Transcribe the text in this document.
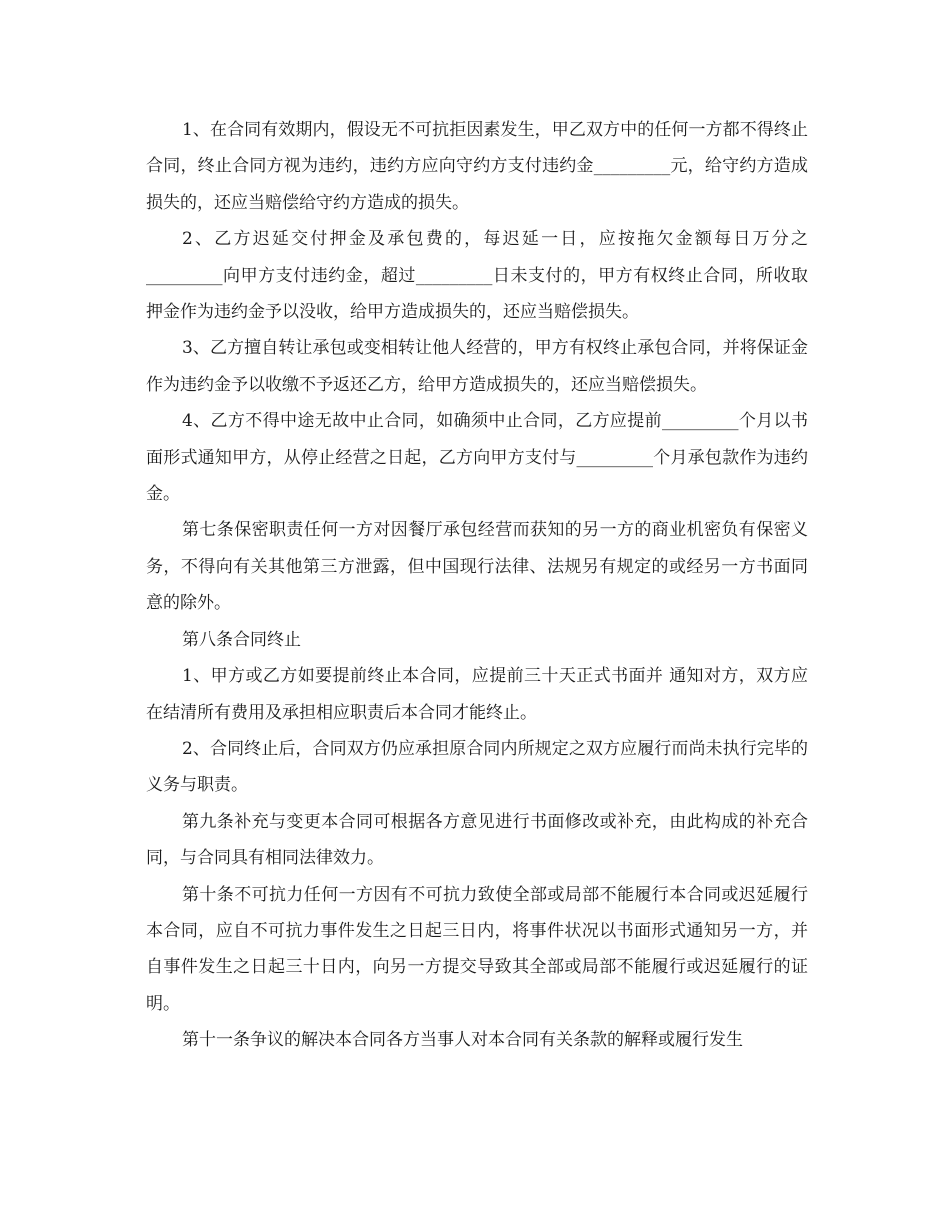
1、在合同有效期内，假设无不可抗拒因素发生，甲乙双方中的任何一方都不得终止合同，终止合同方视为违约，违约方应向守约方支付违约金_________元，给守约方造成损失的，还应当赔偿给守约方造成的损失。

2、乙方迟延交付押金及承包费的，每迟延一日，应按拖欠金额每日万分之_________向甲方支付违约金，超过_________日未支付的，甲方有权终止合同，所收取押金作为违约金予以没收，给甲方造成损失的，还应当赔偿损失。

3、乙方擅自转让承包或变相转让他人经营的，甲方有权终止承包合同，并将保证金作为违约金予以收缴不予返还乙方，给甲方造成损失的，还应当赔偿损失。

4、乙方不得中途无故中止合同，如确须中止合同，乙方应提前_________个月以书面形式通知甲方，从停止经营之日起，乙方向甲方支付与_________个月承包款作为违约金。

第七条保密职责任何一方对因餐厅承包经营而获知的另一方的商业机密负有保密义务，不得向有关其他第三方泄露，但中国现行法律、法规另有规定的或经另一方书面同意的除外。

第八条合同终止

1、甲方或乙方如要提前终止本合同，应提前三十天正式书面并 通知对方，双方应在结清所有费用及承担相应职责后本合同才能终止。

2、合同终止后，合同双方仍应承担原合同内所规定之双方应履行而尚未执行完毕的义务与职责。

第九条补充与变更本合同可根据各方意见进行书面修改或补充，由此构成的补充合同，与合同具有相同法律效力。

第十条不可抗力任何一方因有不可抗力致使全部或局部不能履行本合同或迟延履行本合同，应自不可抗力事件发生之日起三日内，将事件状况以书面形式通知另一方，并自事件发生之日起三十日内，向另一方提交导致其全部或局部不能履行或迟延履行的证明。

第十一条争议的解决本合同各方当事人对本合同有关条款的解释或履行发生
